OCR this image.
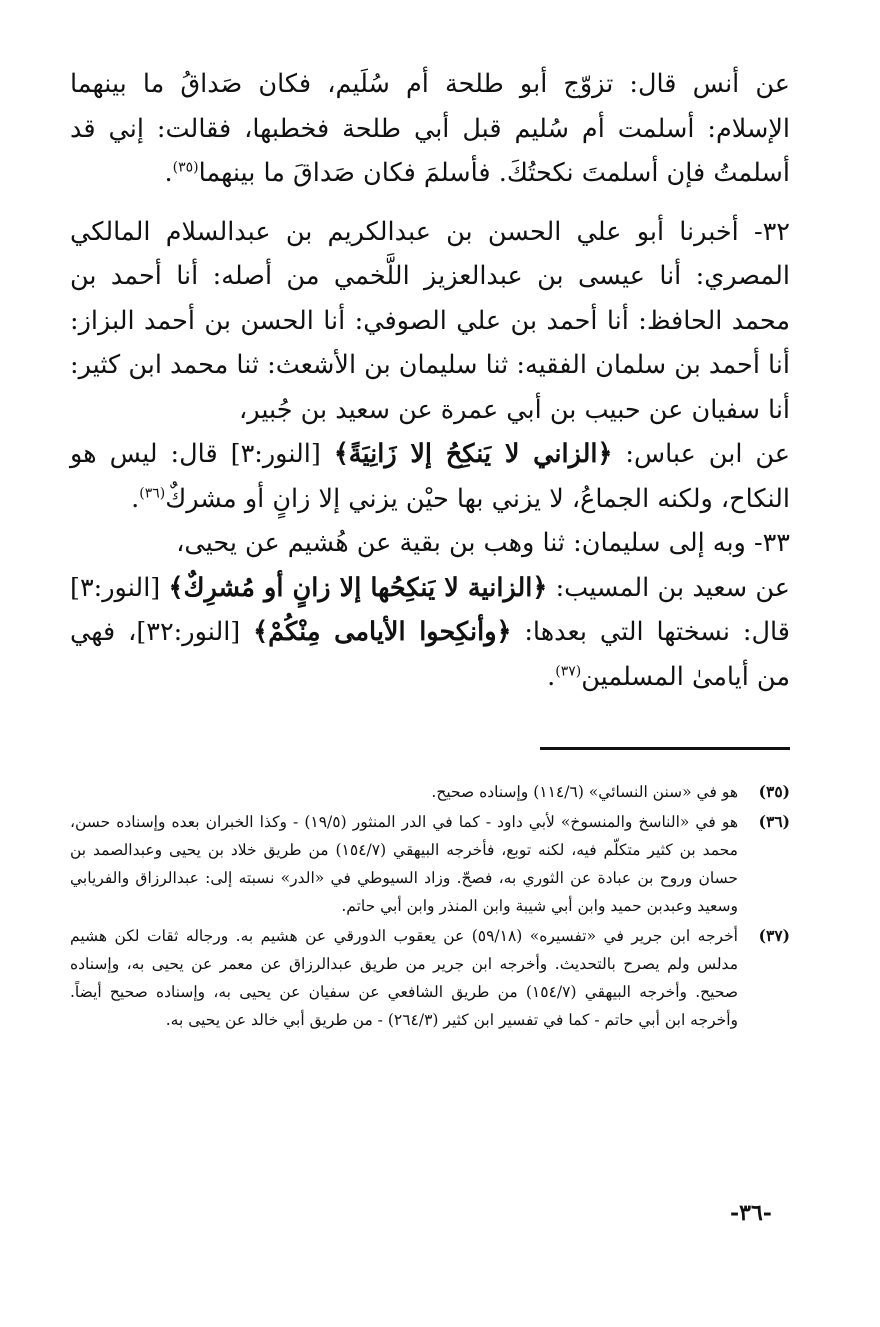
عن أنس قال: تزوّج أبو طلحة أم سُلَيم، فكان صَداقُ ما بينهما الإسلام: أسلمت أم سُليم قبل أبي طلحة فخطبها، فقالت: إني قد أسلمتُ فإن أسلمتَ نكحتُكَ. فأسلمَ فكان صَداقَ ما بينهما$^{(٣٥)}$.

٣٢- أخبرنا أبو علي الحسن بن عبدالكريم بن عبدالسلام المالكي المصري: أنا عيسى بن عبدالعزيز اللَّخمي من أصله: أنا أحمد بن محمد الحافظ: أنا أحمد بن علي الصوفي: أنا الحسن بن أحمد البزاز: أنا أحمد بن سلمان الفقيه: ثنا سليمان بن الأشعث: ثنا محمد ابن كثير: أنا سفيان عن حبيب بن أبي عمرة عن سعيد بن جُبير،

عن ابن عباس: ﴿الزاني لا يَنكِحُ إلا زَانِيَةً﴾ [النور:٣] قال: ليس هو النكاح، ولكنه الجماعُ، لا يزني بها حيْن يزني إلا زانٍ أو مشركٌ$^{(٣٦)}$.

٣٣- وبه إلى سليمان: ثنا وهب بن بقية عن هُشيم عن يحيى،

عن سعيد بن المسيب: ﴿الزانية لا يَنكِحُها إلا زانٍ أو مُشرِكٌ﴾ [النور:٣] قال: نسختها التي بعدها: ﴿وأنكِحوا الأيامى مِنْكُمْ﴾ [النور:٣٢]، فهي من أيامىٰ المسلمين$^{(٣٧)}$.

(٣٥)
هو في «سنن النسائي» (١١٤/٦) وإسناده صحيح.
(٣٦)
هو في «الناسخ والمنسوخ» لأبي داود - كما في الدر المنثور (١٩/٥) - وكذا الخبران بعده وإسناده حسن، محمد بن كثير متكلّم فيه، لكنه توبع، فأخرجه البيهقي (١٥٤/٧) من طريق خلاد بن يحيى وعبدالصمد بن حسان وروح بن عبادة عن الثوري به، فصحّ. وزاد السيوطي في «الدر» نسبته إلى: عبدالرزاق والفريابي وسعيد وعبدبن حميد وابن أبي شيبة وابن المنذر وابن أبي حاتم.
(٣٧)
أخرجه ابن جرير في «تفسيره» (٥٩/١٨) عن يعقوب الدورقي عن هشيم به. ورجاله ثقات لكن هشيم مدلس ولم يصرح بالتحديث. وأخرجه ابن جرير من طريق عبدالرزاق عن معمر عن يحيى به، وإسناده صحيح. وأخرجه البيهقي (١٥٤/٧) من طريق الشافعي عن سفيان عن يحيى به، وإسناده صحيح أيضاً. وأخرجه ابن أبي حاتم - كما في تفسير ابن كثير (٢٦٤/٣) - من طريق أبي خالد عن يحيى به.
-٣٦-
